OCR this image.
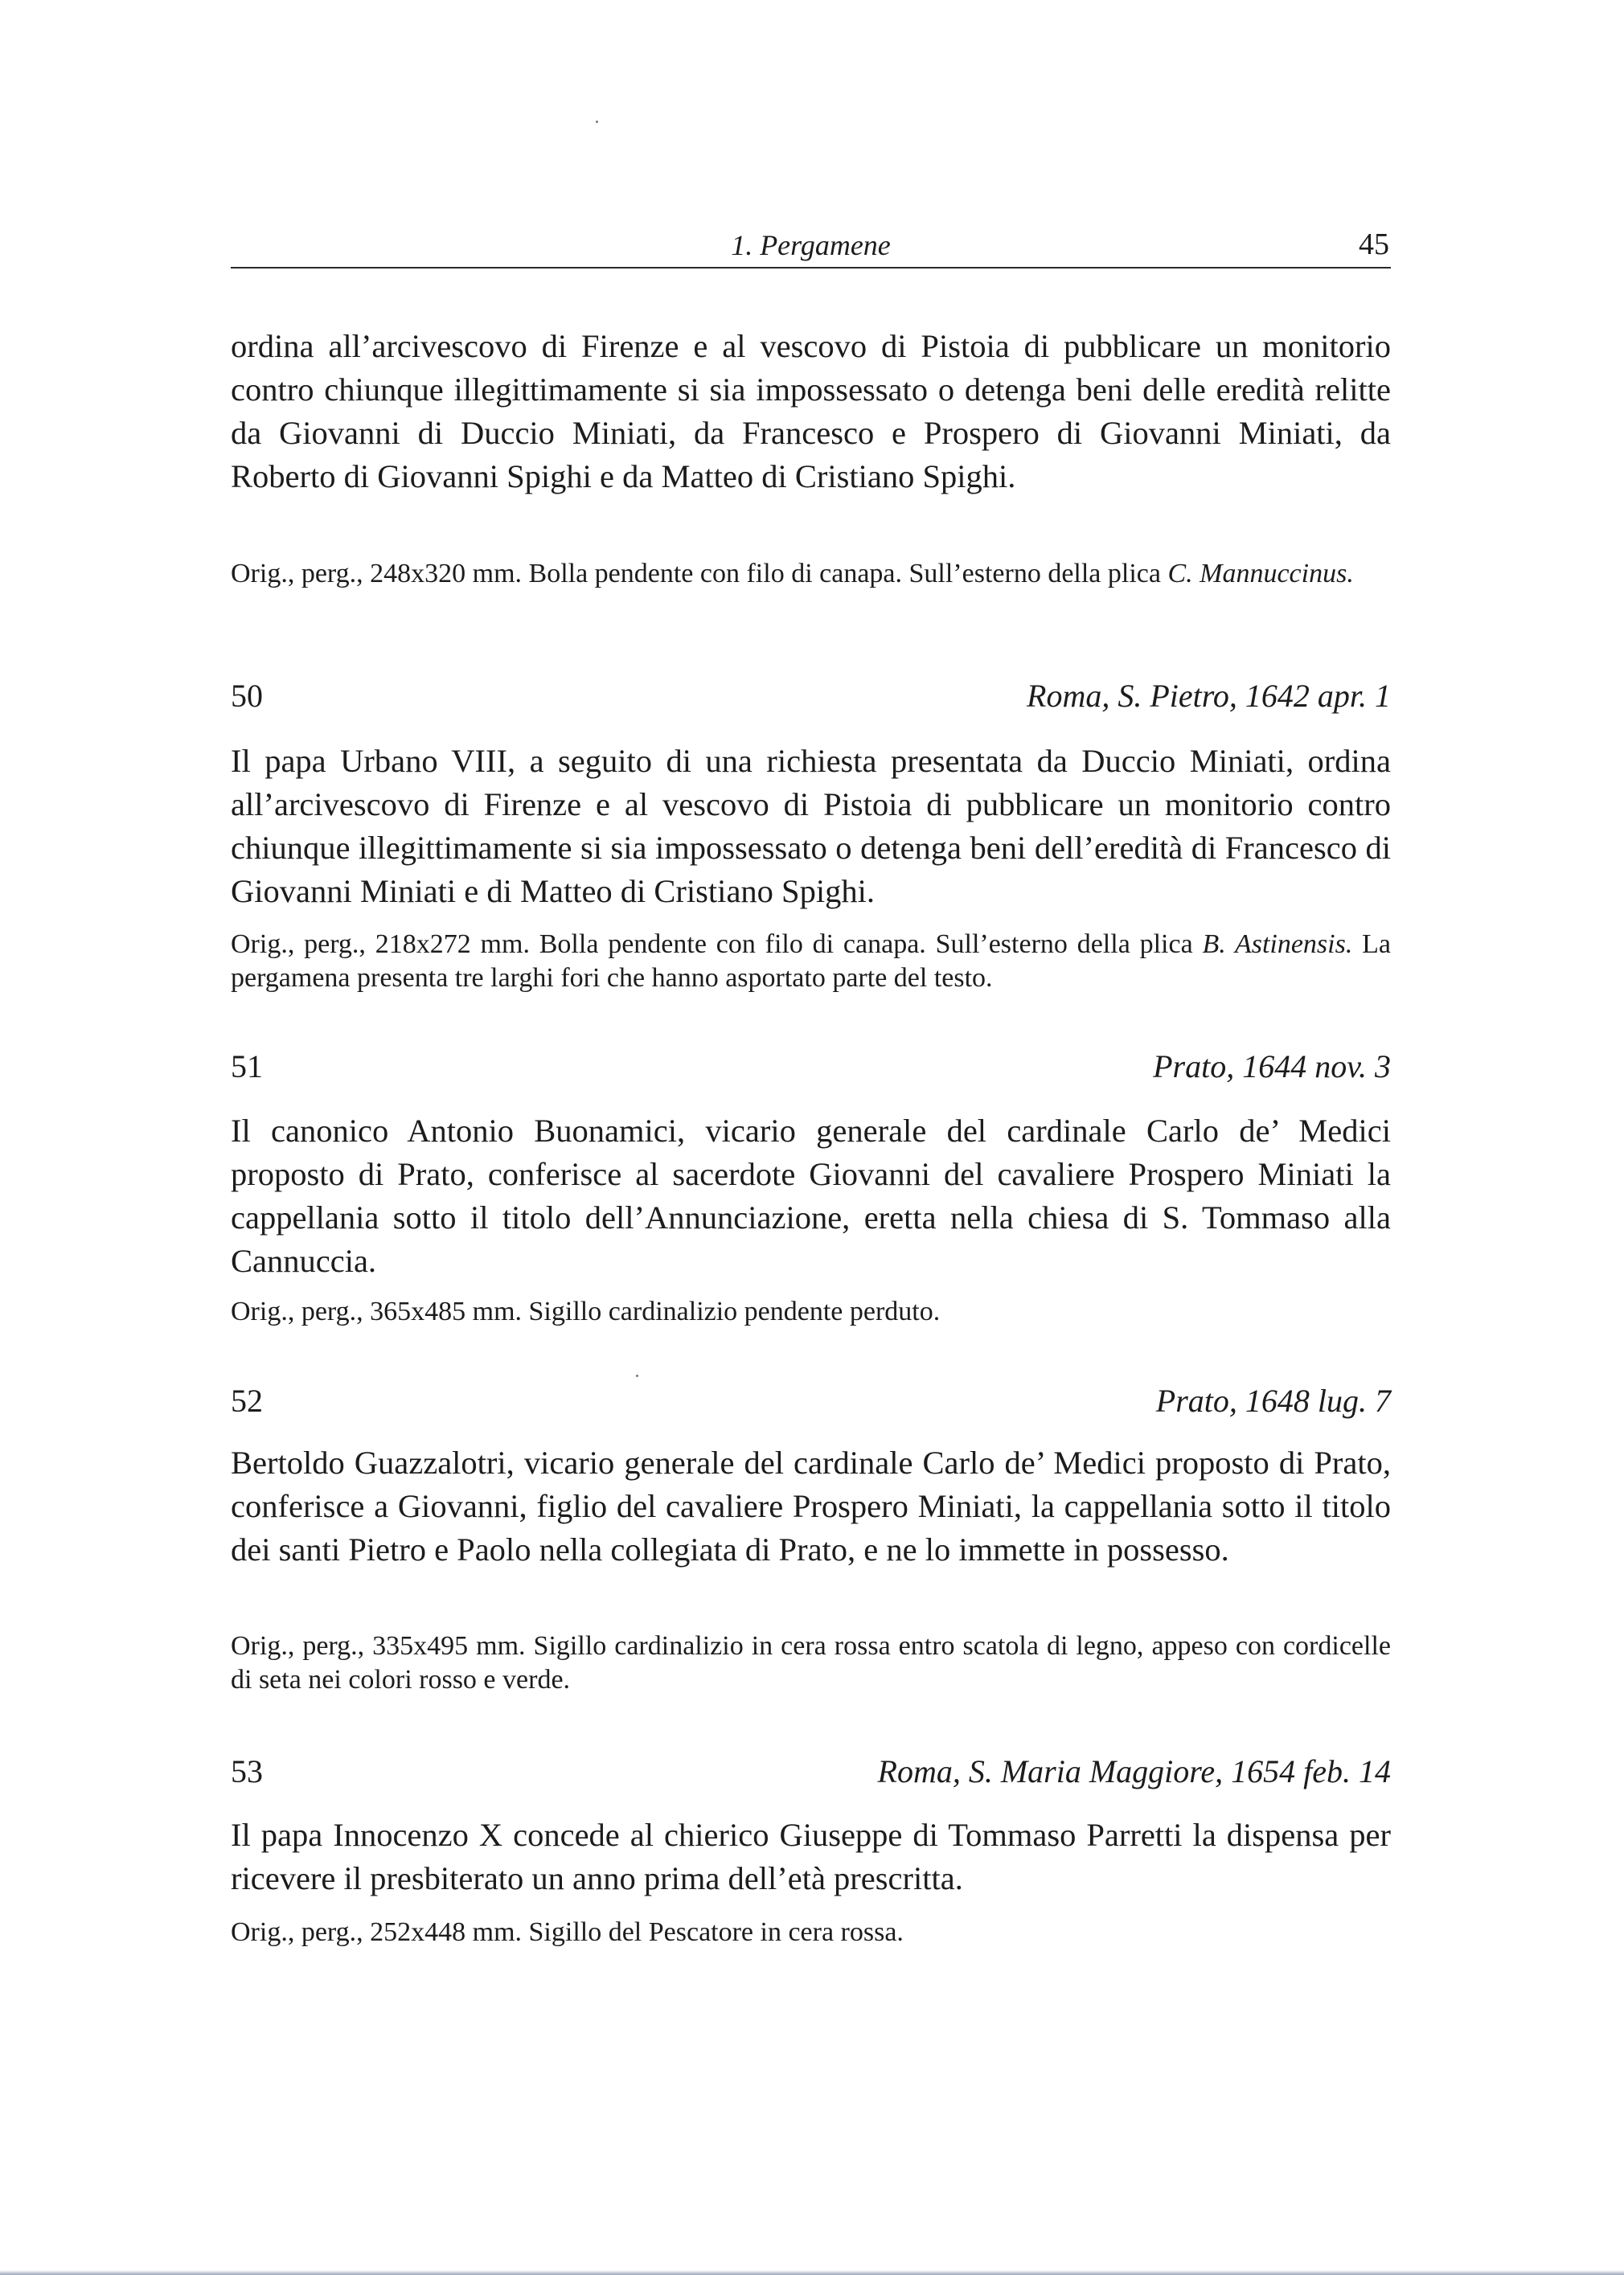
1. Pergamene	45

ordina all’arcivescovo di Firenze e al vescovo di Pistoia di pubblicare un monitorio contro chiunque illegittimamente si sia impossessato o detenga beni delle eredità relitte da Giovanni di Duccio Miniati, da Francesco e Prospero di Giovanni Miniati, da Roberto di Giovanni Spighi e da Matteo di Cristiano Spighi.

Orig., perg., 248x320 mm. Bolla pendente con filo di canapa. Sull’esterno della plica C. Mannuccinus.

50	Roma, S. Pietro, 1642 apr. 1

Il papa Urbano VIII, a seguito di una richiesta presentata da Duccio Miniati, ordina all’arcivescovo di Firenze e al vescovo di Pistoia di pubblicare un monitorio contro chiunque illegittimamente si sia impossessato o detenga beni dell’eredità di Francesco di Giovanni Miniati e di Matteo di Cristiano Spighi.

Orig., perg., 218x272 mm. Bolla pendente con filo di canapa. Sull’esterno della plica B. Astinensis. La pergamena presenta tre larghi fori che hanno asportato parte del testo.

51	Prato, 1644 nov. 3

Il canonico Antonio Buonamici, vicario generale del cardinale Carlo de’ Medici proposto di Prato, conferisce al sacerdote Giovanni del cavaliere Prospero Miniati la cappellania sotto il titolo dell’Annunciazione, eretta nella chiesa di S. Tommaso alla Cannuccia.

Orig., perg., 365x485 mm. Sigillo cardinalizio pendente perduto.

52	Prato, 1648 lug. 7

Bertoldo Guazzalotri, vicario generale del cardinale Carlo de’ Medici proposto di Prato, conferisce a Giovanni, figlio del cavaliere Prospero Miniati, la cappellania sotto il titolo dei santi Pietro e Paolo nella collegiata di Prato, e ne lo immette in possesso.

Orig., perg., 335x495 mm. Sigillo cardinalizio in cera rossa entro scatola di legno, appeso con cordicelle di seta nei colori rosso e verde.

53	Roma, S. Maria Maggiore, 1654 feb. 14

Il papa Innocenzo X concede al chierico Giuseppe di Tommaso Parretti la dispensa per ricevere il presbiterato un anno prima dell’età prescritta.

Orig., perg., 252x448 mm. Sigillo del Pescatore in cera rossa.
